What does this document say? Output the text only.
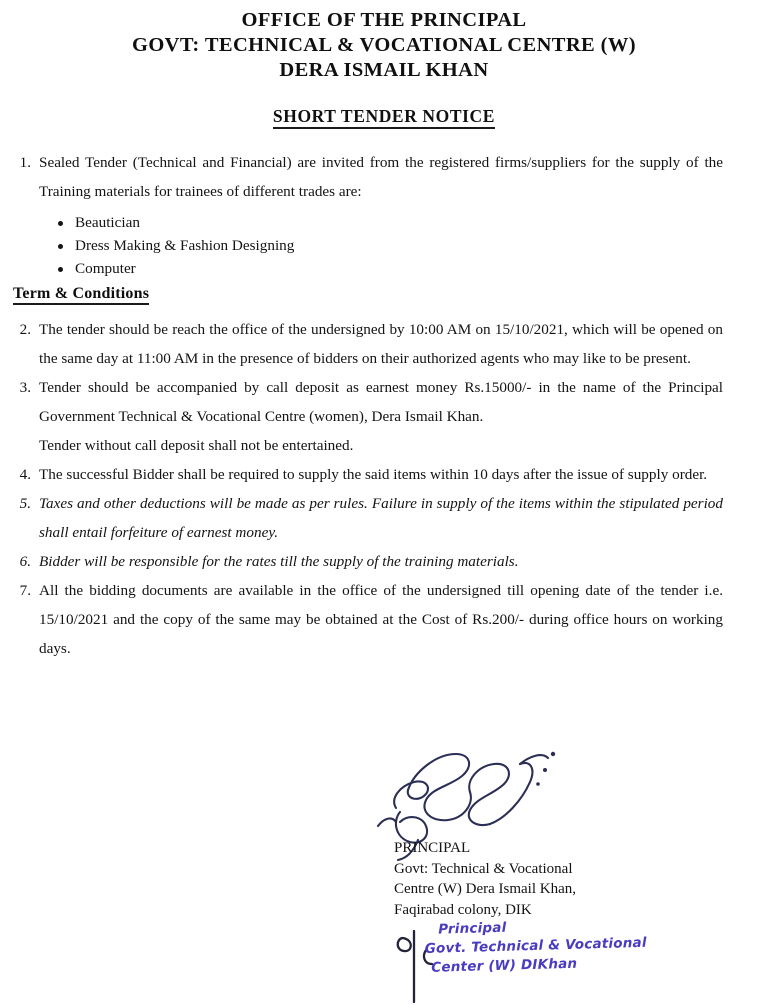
OFFICE OF THE PRINCIPAL
GOVT: TECHNICAL & VOCATIONAL CENTRE (W)
DERA ISMAIL KHAN
SHORT TENDER NOTICE
1. Sealed Tender (Technical and Financial) are invited from the registered firms/suppliers for the supply of the Training materials for trainees of different trades are:
Beautician
Dress Making & Fashion Designing
Computer
Term & Conditions
2. The tender should be reach the office of the undersigned by 10:00 AM on 15/10/2021, which will be opened on the same day at 11:00 AM in the presence of bidders on their authorized agents who may like to be present.
3. Tender should be accompanied by call deposit as earnest money Rs.15000/- in the name of the Principal Government Technical & Vocational Centre (women), Dera Ismail Khan.
Tender without call deposit shall not be entertained.
4. The successful Bidder shall be required to supply the said items within 10 days after the issue of supply order.
5. Taxes and other deductions will be made as per rules. Failure in supply of the items within the stipulated period shall entail forfeiture of earnest money.
6. Bidder will be responsible for the rates till the supply of the training materials.
7. All the bidding documents are available in the office of the undersigned till opening date of the tender i.e. 15/10/2021 and the copy of the same may be obtained at the Cost of Rs.200/- during office hours on working days.
PRINCIPAL
Govt: Technical & Vocational
Centre (W) Dera Ismail Khan,
Faqirabad colony, DIK
Principal
Govt. Technical & Vocational
Center (W) DIKhan
